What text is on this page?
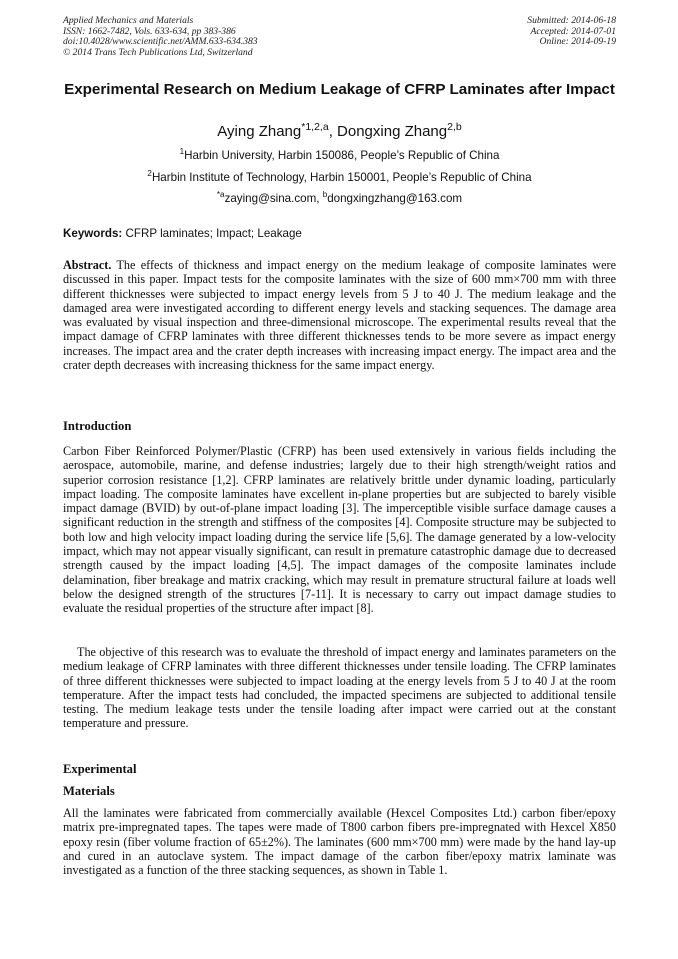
Applied Mechanics and Materials
ISSN: 1662-7482, Vols. 633-634, pp 383-386
doi:10.4028/www.scientific.net/AMM.633-634.383
© 2014 Trans Tech Publications Ltd, Switzerland
Submitted: 2014-06-18
Accepted: 2014-07-01
Online: 2014-09-19
Experimental Research on Medium Leakage of CFRP Laminates after Impact
Aying Zhang$^{*1,2,a}$, Dongxing Zhang$^{2,b}$
$^1$Harbin University, Harbin 150086, People’s Republic of China
$^2$Harbin Institute of Technology, Harbin 150001, People’s Republic of China
$^{*a}$zaying@sina.com, $^b$dongxingzhang@163.com
Keywords: CFRP laminates; Impact; Leakage
Abstract. The effects of thickness and impact energy on the medium leakage of composite laminates were discussed in this paper. Impact tests for the composite laminates with the size of 600 mm×700 mm with three different thicknesses were subjected to impact energy levels from 5 J to 40 J. The medium leakage and the damaged area were investigated according to different energy levels and stacking sequences. The damage area was evaluated by visual inspection and three-dimensional microscope. The experimental results reveal that the impact damage of CFRP laminates with three different thicknesses tends to be more severe as impact energy increases. The impact area and the crater depth increases with increasing impact energy. The impact area and the crater depth decreases with increasing thickness for the same impact energy.
Introduction
Carbon Fiber Reinforced Polymer/Plastic (CFRP) has been used extensively in various fields including the aerospace, automobile, marine, and defense industries; largely due to their high strength/weight ratios and superior corrosion resistance [1,2]. CFRP laminates are relatively brittle under dynamic loading, particularly impact loading. The composite laminates have excellent in-plane properties but are subjected to barely visible impact damage (BVID) by out-of-plane impact loading [3]. The imperceptible visible surface damage causes a significant reduction in the strength and stiffness of the composites [4]. Composite structure may be subjected to both low and high velocity impact loading during the service life [5,6]. The damage generated by a low-velocity impact, which may not appear visually significant, can result in premature catastrophic damage due to decreased strength caused by the impact loading [4,5]. The impact damages of the composite laminates include delamination, fiber breakage and matrix cracking, which may result in premature structural failure at loads well below the designed strength of the structures [7-11]. It is necessary to carry out impact damage studies to evaluate the residual properties of the structure after impact [8].
The objective of this research was to evaluate the threshold of impact energy and laminates parameters on the medium leakage of CFRP laminates with three different thicknesses under tensile loading. The CFRP laminates of three different thicknesses were subjected to impact loading at the energy levels from 5 J to 40 J at the room temperature. After the impact tests had concluded, the impacted specimens are subjected to additional tensile testing. The medium leakage tests under the tensile loading after impact were carried out at the constant temperature and pressure.
Experimental
Materials
All the laminates were fabricated from commercially available (Hexcel Composites Ltd.) carbon fiber/epoxy matrix pre-impregnated tapes. The tapes were made of T800 carbon fibers pre-impregnated with Hexcel X850 epoxy resin (fiber volume fraction of 65±2%). The laminates (600 mm×700 mm) were made by the hand lay-up and cured in an autoclave system. The impact damage of the carbon fiber/epoxy matrix laminate was investigated as a function of the three stacking sequences, as shown in Table 1.
